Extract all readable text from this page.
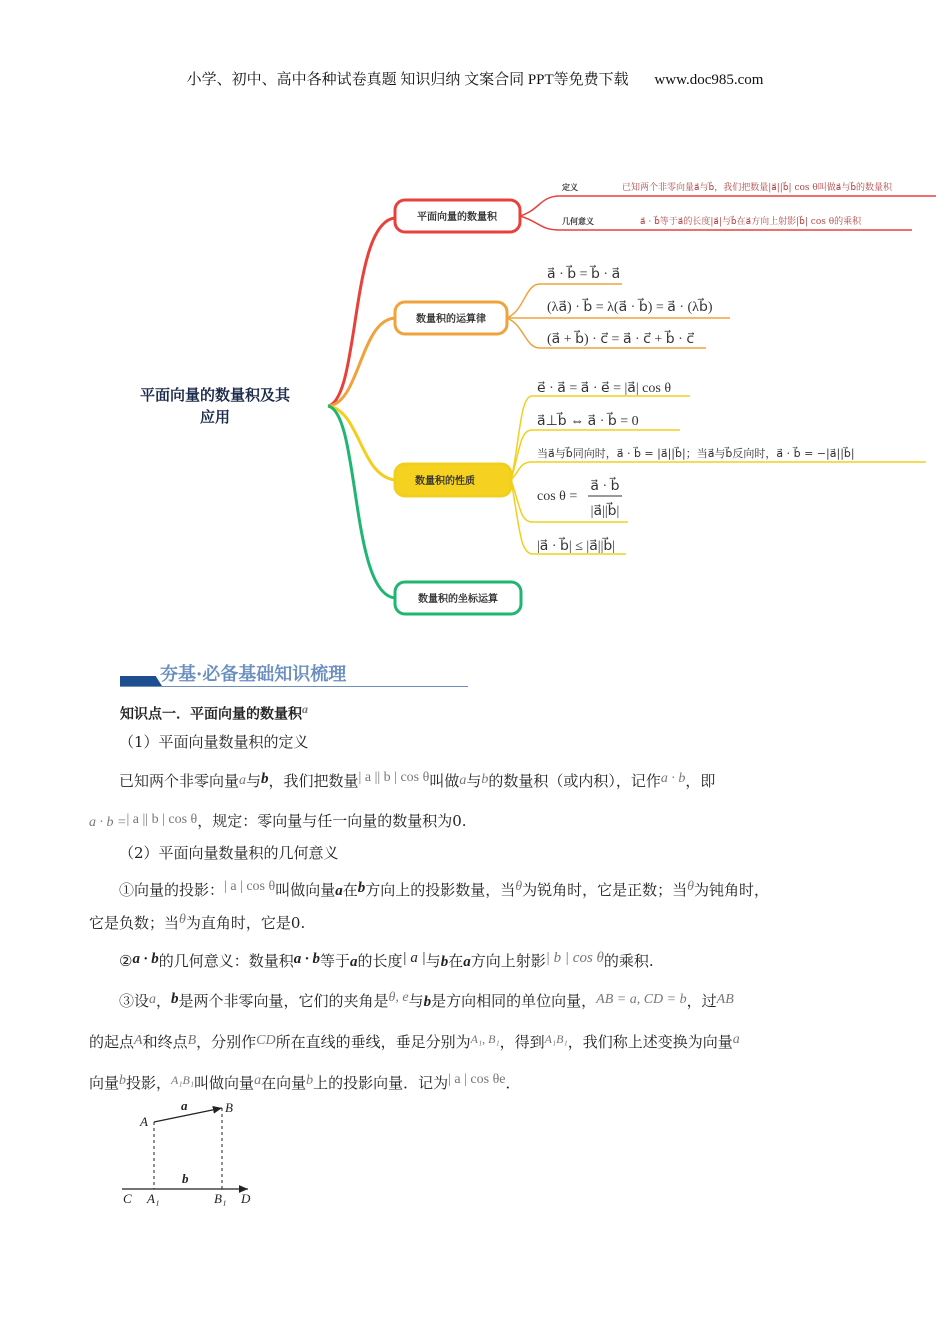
小学、初中、高中各种试卷真题 知识归纳 文案合同 PPT等免费下载 www.doc985.com
平面向量的数量积及其
应用
平面向量的数量积
定义	已知两个非零向量a⃗与b⃗，我们把数量|a⃗||b⃗| cos θ叫做a⃗与b⃗的数量积
几何意义	a⃗ · b⃗等于a⃗的长度|a⃗|与b⃗在a⃗方向上射影|b⃗| cos θ的乘积
数量积的运算律
a⃗ · b⃗ = b⃗ · a⃗
(λa⃗) · b⃗ = λ(a⃗ · b⃗) = a⃗ · (λb⃗)
(a⃗ + b⃗) · c⃗ = a⃗ · c⃗ + b⃗ · c⃗
数量积的性质
e⃗ · a⃗ = a⃗ · e⃗ = |a⃗| cos θ
a⃗⊥b⃗ ⇔ a⃗ · b⃗ = 0
当a⃗与b⃗同向时，a⃗ · b⃗ = |a⃗||b⃗|；当a⃗与b⃗反向时，a⃗ · b⃗ = −|a⃗||b⃗|
cos θ =
a⃗ · b⃗
|a⃗||b⃗|
|a⃗ · b⃗| ≤ |a⃗||b⃗|
数量积的坐标运算
夯基·必备基础知识梳理
知识点一．平面向量的数量积a
（1）平面向量数量积的定义
已知两个非零向量a与b，我们把数量| a || b | cos θ叫做a与b的数量积（或内积），记作a · b，即
a · b =| a || b | cos θ，规定：零向量与任一向量的数量积为0.
（2）平面向量数量积的几何意义
①向量的投影：| a | cos θ叫做向量a在b方向上的投影数量，当θ为锐角时，它是正数；当θ为钝角时，
它是负数；当θ为直角时，它是0.
②a · b的几何意义：数量积a · b等于a的长度| a |与b在a方向上射影| b | cos θ的乘积.
③设a，b是两个非零向量，它们的夹角是θ, e与b是方向相同的单位向量，AB = a, CD = b，过AB
的起点A和终点B，分别作CD所在直线的垂线，垂足分别为$^{A_1, B_1}$，得到$^{A_1B_1}$，我们称上述变换为向量a
向量b投影，$^{A_1B_1}$叫做向量a在向量b上的投影向量．记为| a | cos θe．
A
B
a
b
C A₁	B₁ D
